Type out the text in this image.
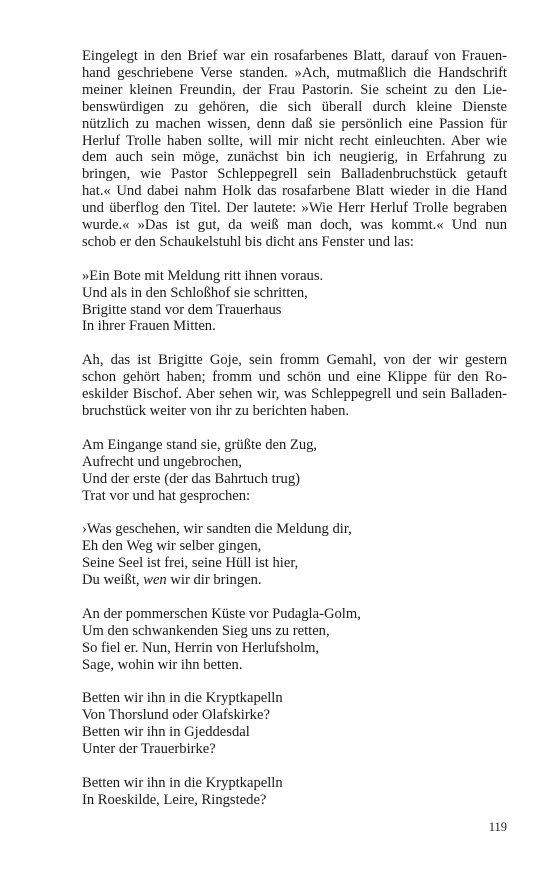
Eingelegt in den Brief war ein rosafarbenes Blatt, darauf von Frauen-
hand geschriebene Verse standen. »Ach, mutmaßlich die Handschrift
meiner kleinen Freundin, der Frau Pastorin. Sie scheint zu den Lie-
benswürdigen zu gehören, die sich überall durch kleine Dienste
nützlich zu machen wissen, denn daß sie persönlich eine Passion für
Herluf Trolle haben sollte, will mir nicht recht einleuchten. Aber wie
dem auch sein möge, zunächst bin ich neugierig, in Erfahrung zu
bringen, wie Pastor Schleppegrell sein Balladenbruchstück getauft
hat.« Und dabei nahm Holk das rosafarbene Blatt wieder in die Hand
und überflog den Titel. Der lautete: »Wie Herr Herluf Trolle begraben
wurde.« »Das ist gut, da weiß man doch, was kommt.« Und nun
schob er den Schaukelstuhl bis dicht ans Fenster und las:

»Ein Bote mit Meldung ritt ihnen voraus.
Und als in den Schloßhof sie schritten,
Brigitte stand vor dem Trauerhaus
In ihrer Frauen Mitten.

Ah, das ist Brigitte Goje, sein fromm Gemahl, von der wir gestern
schon gehört haben; fromm und schön und eine Klippe für den Ro-
eskilder Bischof. Aber sehen wir, was Schleppegrell und sein Balladen-
bruchstück weiter von ihr zu berichten haben.

Am Eingange stand sie, grüßte den Zug,
Aufrecht und ungebrochen,
Und der erste (der das Bahrtuch trug)
Trat vor und hat gesprochen:
›Was geschehen, wir sandten die Meldung dir,
Eh den Weg wir selber gingen,
Seine Seel ist frei, seine Hüll ist hier,
Du weißt, wen wir dir bringen.
An der pommerschen Küste vor Pudagla-Golm,
Um den schwankenden Sieg uns zu retten,
So fiel er. Nun, Herrin von Herlufsholm,
Sage, wohin wir ihn betten.
Betten wir ihn in die Kryptkapelln
Von Thorslund oder Olafskirke?
Betten wir ihn in Gjeddesdal
Unter der Trauerbirke?
Betten wir ihn in die Kryptkapelln
In Roeskilde, Leire, Ringstede?
119
